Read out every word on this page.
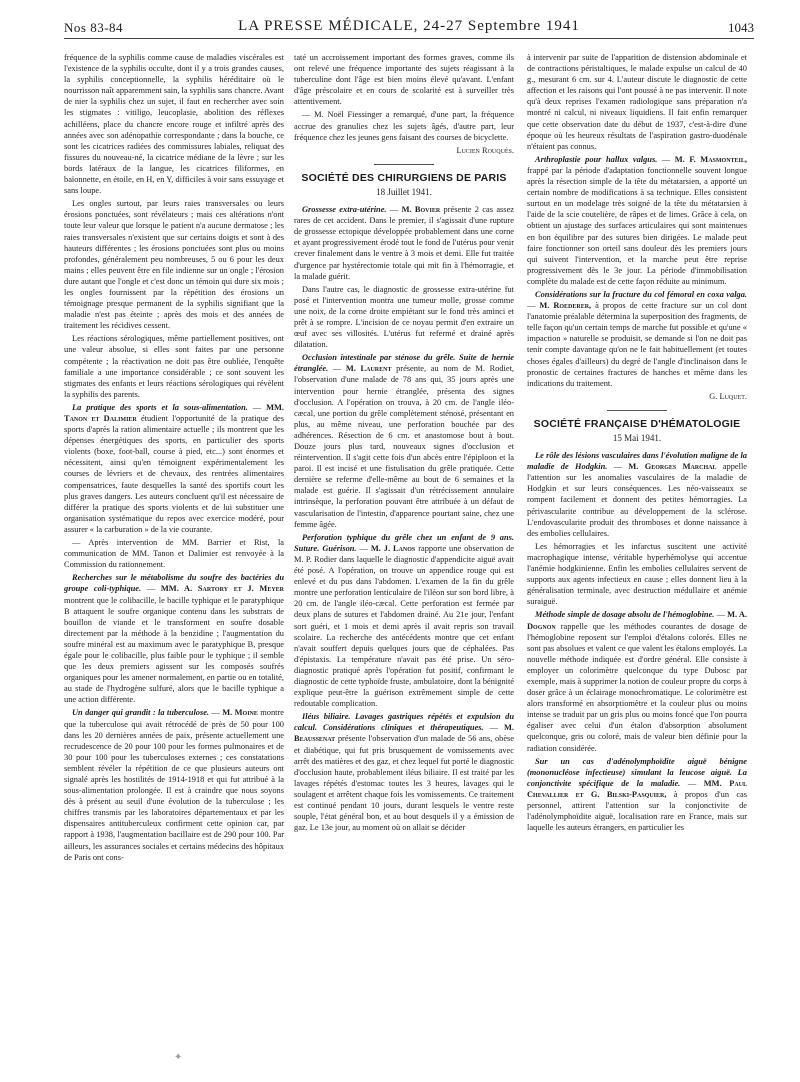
Nos 83-84	LA PRESSE MÉDICALE, 24-27 Septembre 1941	1043

fréquence de la syphilis comme cause de maladies viscérales est l'existence de la syphilis occulte, dont il y a trois grandes causes, la syphilis conceptionnelle, la syphilis héréditaire où le nourrisson naît apparemment sain, la syphilis sans chancre. Avant de nier la syphilis chez un sujet, il faut en rechercher avec soin les stigmates : vitiligo, leucoplasie, abolition des réflexes achilléens, place du chancre encore rouge et infiltré après des années avec son adénopathie correspondante ; dans la bouche, ce sont les cicatrices radiées des commissures labiales, reliquat des fissures du nouveau-né, la cicatrice médiane de la lèvre ; sur les bords latéraux de la langue, les cicatrices filiformes, en baïonnette, en étoile, en H, en Y, difficiles à voir sans essuyage et sans loupe.

Les ongles surtout, par leurs raies transversales ou leurs érosions ponctuées, sont révélateurs ; mais ces altérations n'ont toute leur valeur que lorsque le patient n'a aucune dermatose ; les raies transversales n'existent que sur certains doigts et sont à des hauteurs différentes ; les érosions ponctuées sont plus ou moins profondes, généralement peu nombreuses, 5 ou 6 pour les deux mains ; elles peuvent être en file indienne sur un ongle ; l'érosion dure autant que l'ongle et c'est donc un témoin qui dure six mois ; les ongles fournissent par la répétition des érosions un témoignage presque permanent de la syphilis signifiant que la maladie n'est pas éteinte ; après des mois et des années de traitement les récidives cessent.

Les réactions sérologiques, même partiellement positives, ont une valeur absolue, si elles sont faites par une personne compétente ; la réactivation ne doit pas être oubliée, l'enquête familiale a une importance considérable ; ce sont souvent les stigmates des enfants et leurs réactions sérologiques qui révèlent la syphilis des parents.

La pratique des sports et la sous-alimentation. — MM. Tanon et Dalimier étudient l'opportunité de la pratique des sports d'après la ration alimentaire actuelle ; ils montrent que les dépenses énergétiques des sports, en particulier des sports violents (boxe, foot-ball, course à pied, etc...) sont énormes et nécessitent, ainsi qu'en témoignent expérimentalement les courses de lévriers et de chevaux, des rentrées alimentaires compensatrices, faute desquelles la santé des sportifs court les plus graves dangers. Les auteurs concluent qu'il est nécessaire de différer la pratique des sports violents et de lui substituer une organisation systématique du repos avec exercice modéré, pour assurer « la carburation » de la vie courante.

— Après intervention de MM. Barrier et Rist, la communication de MM. Tanon et Dalimier est renvoyée à la Commission du rationnement.

Recherches sur le métabolisme du soufre des bactéries du groupe coli-typhique. — MM. A. Sartory et J. Meyer montrent que le colibacille, le bacille typhique et le paratyphique B attaquent le soufre organique contenu dans les substrats de bouillon de viande et le transforment en soufre dosable directement par la méthode à la benzidine ; l'augmentation du soufre minéral est au maximum avec le paratyphique B, presque égale pour le colibacille, plus faible pour le typhique ; il semble que les deux premiers agissent sur les composés soufrés organiques pour les amener normalement, en partie ou en totalité, au stade de l'hydrogène sulfuré, alors que le bacille typhique a une action différente.

Un danger qui grandit : la tuberculose. — M. Moine montre que la tuberculose qui avait rétrocédé de près de 50 pour 100 dans les 20 dernières années de paix, présente actuellement une recrudescence de 20 pour 100 pour les formes pulmonaires et de 30 pour 100 pour les tuberculoses externes ; ces constatations semblent révéler la répétition de ce que plusieurs auteurs ont signalé après les hostilités de 1914-1918 et qui fut attribué à la sous-alimentation prolongée. Il est à craindre que nous soyons dès à présent au seuil d'une évolution de la tuberculose ; les chiffres transmis par les laboratoires départementaux et par les dispensaires antituberculeux confirment cette opinion car, par rapport à 1938, l'augmentation bacillaire est de 290 pour 100. Par ailleurs, les assurances sociales et certains médecins des hôpitaux de Paris ont cons-

taté un accroissement important des formes graves, comme ils ont relevé une fréquence importante des sujets réagissant à la tuberculine dont l'âge est bien moins élevé qu'avant. L'enfant d'âge préscolaire et en cours de scolarité est à surveiller très attentivement.

— M. Noël Fiessinger a remarqué, d'une part, la fréquence accrue des granulies chez les sujets âgés, d'autre part, leur fréquence chez les jeunes gens faisant des courses de bicyclette.

Lucien Rouquès.

SOCIÉTÉ DES CHIRURGIENS DE PARIS
18 Juillet 1941.

Grossesse extra-utérine. — M. Bovier présente 2 cas assez rares de cet accident. Dans le premier, il s'agissait d'une rupture de grossesse ectopique développée probablement dans une corne et ayant progressivement érodé tout le fond de l'utérus pour venir crever finalement dans le ventre à 3 mois et demi. Elle fut traitée d'urgence par hystérectomie totale qui mit fin à l'hémorragie, et la malade guérit.

Dans l'autre cas, le diagnostic de grossesse extra-utérine fut posé et l'intervention montra une tumeur molle, grosse comme une noix, de la corne droite empiétant sur le fond très aminci et prêt à se rompre. L'incision de ce noyau permit d'en extraire un œuf avec ses villosités. L'utérus fut refermé et drainé après dilatation.

Occlusion intestinale par sténose du grêle. Suite de hernie étranglée. — M. Laurent présente, au nom de M. Rodiet, l'observation d'une malade de 78 ans qui, 35 jours après une intervention pour hernie étranglée, présenta des signes d'occlusion. A l'opération on trouva, à 20 cm. de l'angle iléo-cæcal, une portion du grêle complètement sténosé, présentant en plus, au même niveau, une perforation bouchée par des adhérences. Résection de 6 cm. et anastomose bout à bout. Douze jours plus tard, nouveaux signes d'occlusion et réintervention. Il s'agit cette fois d'un abcès entre l'épiploon et la paroi. Il est incisé et une fistulisation du grêle pratiquée. Cette dernière se referme d'elle-même au bout de 6 semaines et la malade est guérie. Il s'agissait d'un rétrécissement annulaire intrinsèque, la perforation pouvant être attribuée à un défaut de vascularisation de l'intestin, d'apparence pourtant saine, chez une femme âgée.

Perforation typhique du grêle chez un enfant de 9 ans. Suture. Guérison. — M. J. Lanos rapporte une observation de M. P. Rodier dans laquelle le diagnostic d'appendicite aiguë avait été posé. A l'opération, on trouve un appendice rouge qui est enlevé et du pus dans l'abdomen. L'examen de la fin du grêle montre une perforation lenticulaire de l'iléon sur son bord libre, à 20 cm. de l'angle iléo-cæcal. Cette perforation est fermée par deux plans de sutures et l'abdomen drainé. Au 21e jour, l'enfant sort guéri, et 1 mois et demi après il avait repris son travail scolaire. La recherche des antécédents montre que cet enfant n'avait souffert depuis quelques jours que de céphalées. Pas d'épistaxis. La température n'avait pas été prise. Un séro-diagnostic pratiqué après l'opération fut positif, confirmant le diagnostic de cette typhoïde fruste, ambulatoire, dont la bénignité explique peut-être la guérison extrêmement simple de cette redoutable complication.

Iléus biliaire. Lavages gastriques répétés et expulsion du calcul. Considérations cliniques et thérapeutiques. — M. Beaussenat présente l'observation d'un malade de 56 ans, obèse et diabétique, qui fut pris brusquement de vomissements avec arrêt des matières et des gaz, et chez lequel fut porté le diagnostic d'occlusion haute, probablement iléus biliaire. Il est traité par les lavages répétés d'estomac toutes les 3 heures, lavages qui le soulagent et arrêtent chaque fois les vomissements. Ce traitement est continué pendant 10 jours, durant lesquels le ventre reste souple, l'état général bon, et au bout desquels il y a émission de gaz. Le 13e jour, au moment où on allait se décider

à intervenir par suite de l'apparition de distension abdominale et de contractions péristaltiques, le malade expulse un calcul de 40 g., mesurant 6 cm. sur 4. L'auteur discute le diagnostic de cette affection et les raisons qui l'ont poussé à ne pas intervenir. Il note qu'à deux reprises l'examen radiologique sans préparation n'a montré ni calcul, ni niveaux liquidiens. Il fait enfin remarquer que cette observation date du début de 1937, c'est-à-dire d'une époque où les heureux résultats de l'aspiration gastro-duodénale n'étaient pas connus.

Arthroplastie pour hallux valgus. — M. F. Masmonteil, frappé par la période d'adaptation fonctionnelle souvent longue après la résection simple de la tête du métatarsien, a apporté un certain nombre de modifications à sa technique. Elles consistent surtout en un modelage très soigné de la tête du métatarsien à l'aide de la scie coutelière, de râpes et de limes. Grâce à cela, on obtient un ajustage des surfaces articulaires qui sont maintenues en bon équilibre par des sutures bien dirigées. Le malade peut faire fonctionner son orteil sans douleur dès les premiers jours qui suivent l'intervention, et la marche peut être reprise progressivement dès le 3e jour. La période d'immobilisation complète du malade est de cette façon réduite au minimum.

Considérations sur la fracture du col fémoral en coxa valga. — M. Roederer, à propos de cette fracture sur un col dont l'anatomie préalable détermina la superposition des fragments, de telle façon qu'un certain temps de marche fut possible et qu'une « impaction » naturelle se produisit, se demande si l'on ne doit pas tenir compte davantage qu'on ne le fait habituellement (et toutes choses égales d'ailleurs) du degré de l'angle d'inclinaison dans le pronostic de certaines fractures de hanches et même dans les indications du traitement.

G. Luquet.

SOCIÉTÉ FRANÇAISE D'HÉMATOLOGIE
15 Mai 1941.

Le rôle des lésions vasculaires dans l'évolution maligne de la maladie de Hodgkin. — M. Georges Marchal appelle l'attention sur les anomalies vasculaires de la maladie de Hodgkin et sur leurs conséquences. Les néo-vaisseaux se rompent facilement et donnent des petites hémorragies. La périvascularite contribue au développement de la sclérose. L'endovascularite produit des thromboses et donne naissance à des embolies cellulaires.

Les hémorragies et les infarctus suscitent une activité macrophagique intense, véritable hyperhémolyse qui accentue l'anémie hodgkinienne. Enfin les embolies cellulaires servent de supports aux agents infectieux en cause ; elles donnent lieu à la généralisation terminale, avec destruction médullaire et anémie suraiguë.

Méthode simple de dosage absolu de l'hémoglobine. — M. A. Dognon rappelle que les méthodes courantes de dosage de l'hémoglobine reposent sur l'emploi d'étalons colorés. Elles ne sont pas absolues et valent ce que valent les étalons employés. La nouvelle méthode indiquée est d'ordre général. Elle consiste à employer un colorimètre quelconque du type Dubosc par exemple, mais à supprimer la notion de couleur propre du corps à doser grâce à un éclairage monochromatique. Le colorimètre est alors transformé en absorptiomètre et la couleur plus ou moins intense se traduit par un gris plus ou moins foncé que l'on pourra égaliser avec celui d'un étalon d'absorption absolument quelconque, gris ou coloré, mais de valeur bien définie pour la radiation considérée.

Sur un cas d'adénolymphoïdite aiguë bénigne (mononucléose infectieuse) simulant la leucose aiguë. La conjonctivite spécifique de la maladie. — MM. Paul Chevallier et G. Bilski-Pasquier, à propos d'un cas personnel, attirent l'attention sur la conjonctivite de l'adénolymphoïdite aiguë, localisation rare en France, mais sur laquelle les auteurs étrangers, en particulier les

✦
